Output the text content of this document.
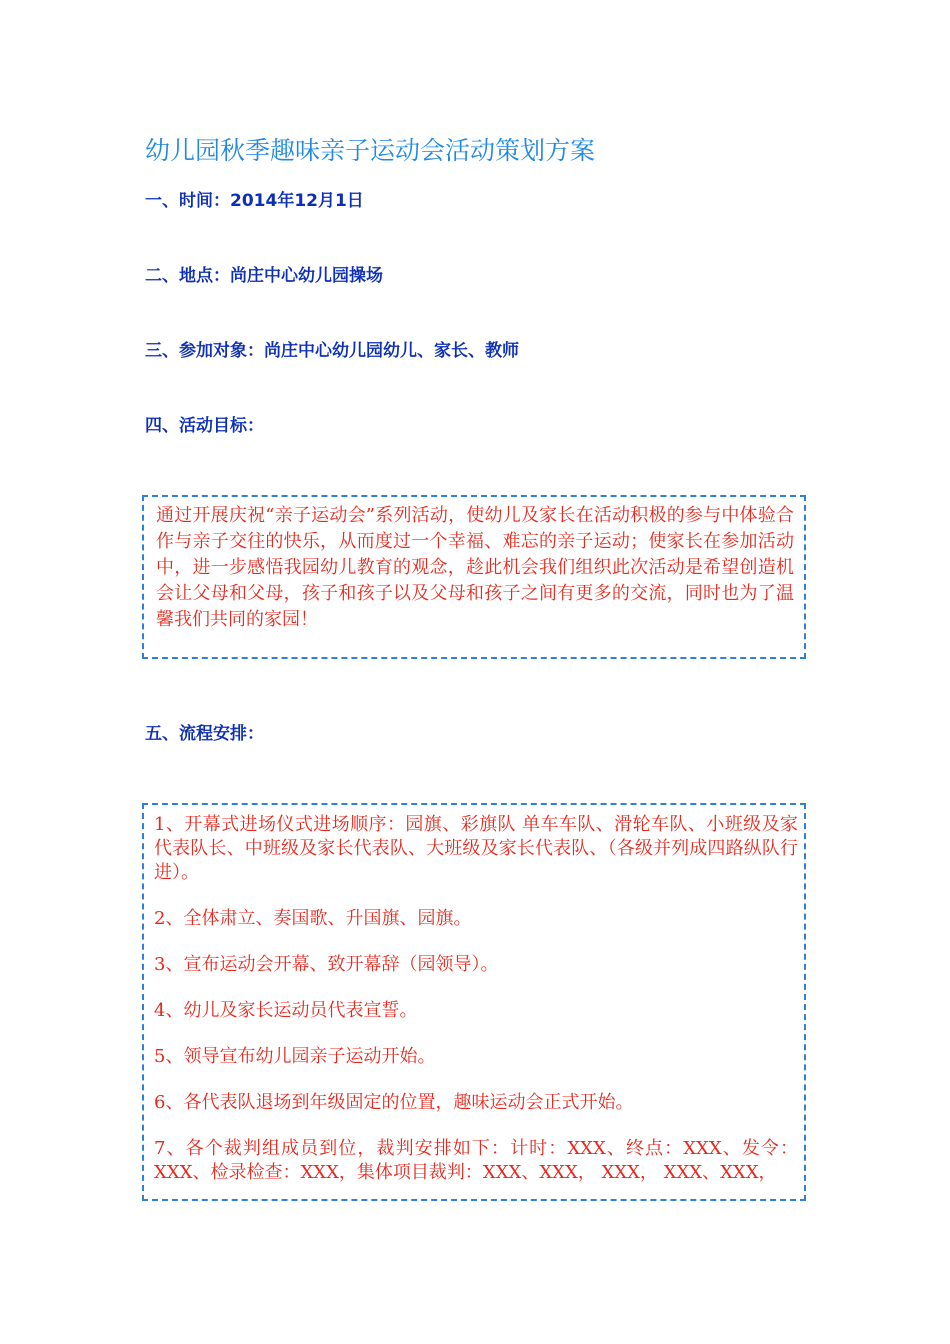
幼儿园秋季趣味亲子运动会活动策划方案
一、时间：2014年12月1日
二、地点：尚庄中心幼儿园操场
三、参加对象：尚庄中心幼儿园幼儿、家长、教师
四、活动目标：

通过开展庆祝“亲子运动会”系列活动，使幼儿及家长在活动积极的参与中体验合作与亲子交往的快乐，从而度过一个幸福、难忘的亲子运动；使家长在参加活动中，进一步感悟我园幼儿教育的观念，趁此机会我们组织此次活动是希望创造机会让父母和父母，孩子和孩子以及父母和孩子之间有更多的交流，同时也为了温馨我们共同的家园！

五、流程安排：

1、开幕式进场仪式进场顺序：园旗、彩旗队 单车车队、滑轮车队、小班级及家代表队长、中班级及家长代表队、大班级及家长代表队、（各级并列成四路纵队行进）。

2、全体肃立、奏国歌、升国旗、园旗。

3、宣布运动会开幕、致开幕辞（园领导）。

4、幼儿及家长运动员代表宣誓。

5、领导宣布幼儿园亲子运动开始。

6、各代表队退场到年级固定的位置，趣味运动会正式开始。

7、各个裁判组成员到位，裁判安排如下：计时：XXX、终点：XXX、发令：XXX、检录检查：XXX，集体项目裁判：XXX、XXX， XXX， XXX、XXX，
